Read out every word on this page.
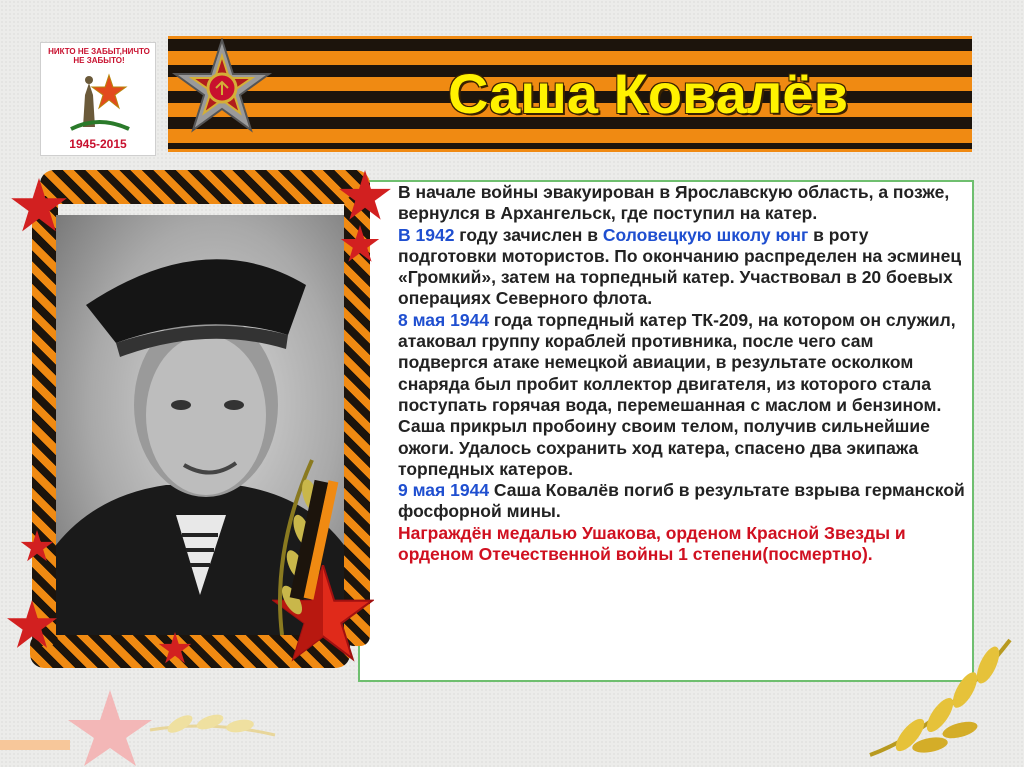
НИКТО НЕ ЗАБЫТ,НИЧТО НЕ ЗАБЫТО!
1945-2015
Саша Ковалёв

В начале войны эвакуирован в Ярославскую область, а позже, вернулся в Архангельск, где поступил на катер.

В 1942 году зачислен в Соловецкую школу юнг в роту подготовки мотористов. По окончанию распределен на эсминец «Громкий», затем на торпедный катер. Участвовал в 20 боевых операциях Северного флота.

8 мая 1944 года торпедный катер ТК-209, на котором он служил, атаковал группу кораблей противника, после чего сам подвергся атаке немецкой авиации, в результате осколком снаряда был пробит коллектор двигателя, из которого стала поступать горячая вода, перемешанная с маслом и бензином. Саша прикрыл пробоину своим телом, получив сильнейшие ожоги. Удалось сохранить ход катера, спасено два экипажа торпедных катеров.

9 мая 1944 Саша Ковалёв погиб в результате взрыва германской фосфорной мины.

Награждён медалью Ушакова, орденом Красной Звезды и орденом Отечественной войны 1 степени(посмертно).
